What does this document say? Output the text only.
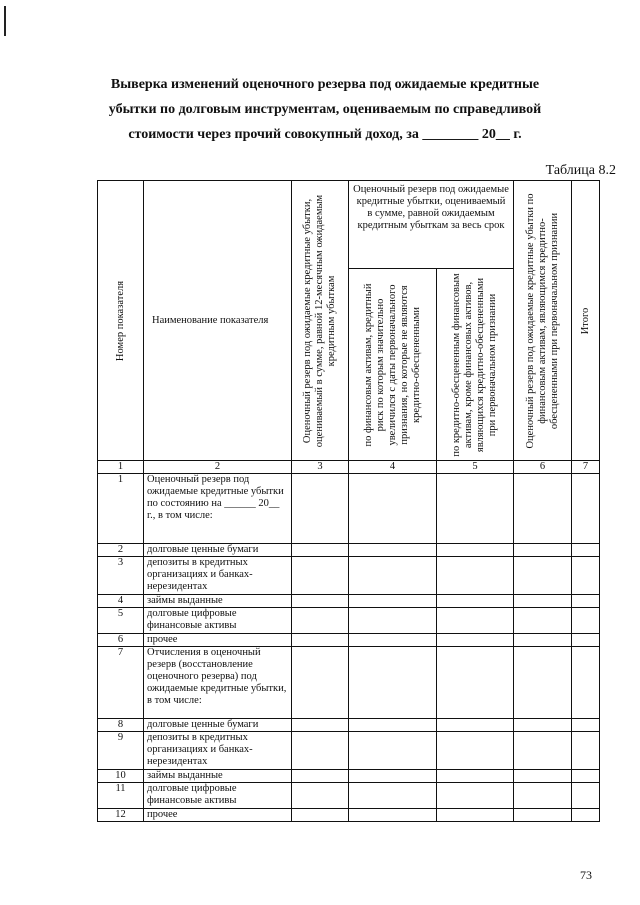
Выверка изменений оценочного резерва под ожидаемые кредитные
убытки по долговым инструментам, оцениваемым по справедливой
стоимости через прочий совокупный доход, за ________ 20__ г.
Таблица 8.2
Номер показателя	Наименование показателя	Оценочный резерв под ожидаемые кредитные убытки, оцениваемый в сумме, равной 12-месячным ожидаемым кредитным убыткам	Оценочный резерв под ожидаемые кредитные убытки, оцениваемый в сумме, равной ожидаемым кредитным убыткам за весь срок		Оценочный резерв под ожидаемые кредитные убытки по финансовым активам, являющимся кредитно-обесцененными при первоначальном признании	Итого

			по финансовым активам, кредитный риск по которым значительно увеличился с даты первоначального признания, но которые не являются кредитно-обесцененными	по кредитно-обесцененным финансовым активам, кроме финансовых активов, являющихся кредитно-обесцененными при первоначальном признании		

1	2	3	4	5	6	7
1	Оценочный резерв под ожидаемые кредитные убытки по состоянию на ______ 20__ г., в том числе:					
2	долговые ценные бумаги					
3	депозиты в кредитных организациях и банках-нерезидентах					
4	займы выданные					
5	долговые цифровые финансовые активы					
6	прочее					
7	Отчисления в оценочный резерв (восстановление оценочного резерва) под ожидаемые кредитные убытки, в том числе:					
8	долговые ценные бумаги					
9	депозиты в кредитных организациях и банках-нерезидентах					
10	займы выданные					
11	долговые цифровые финансовые активы					
12	прочее					
73
